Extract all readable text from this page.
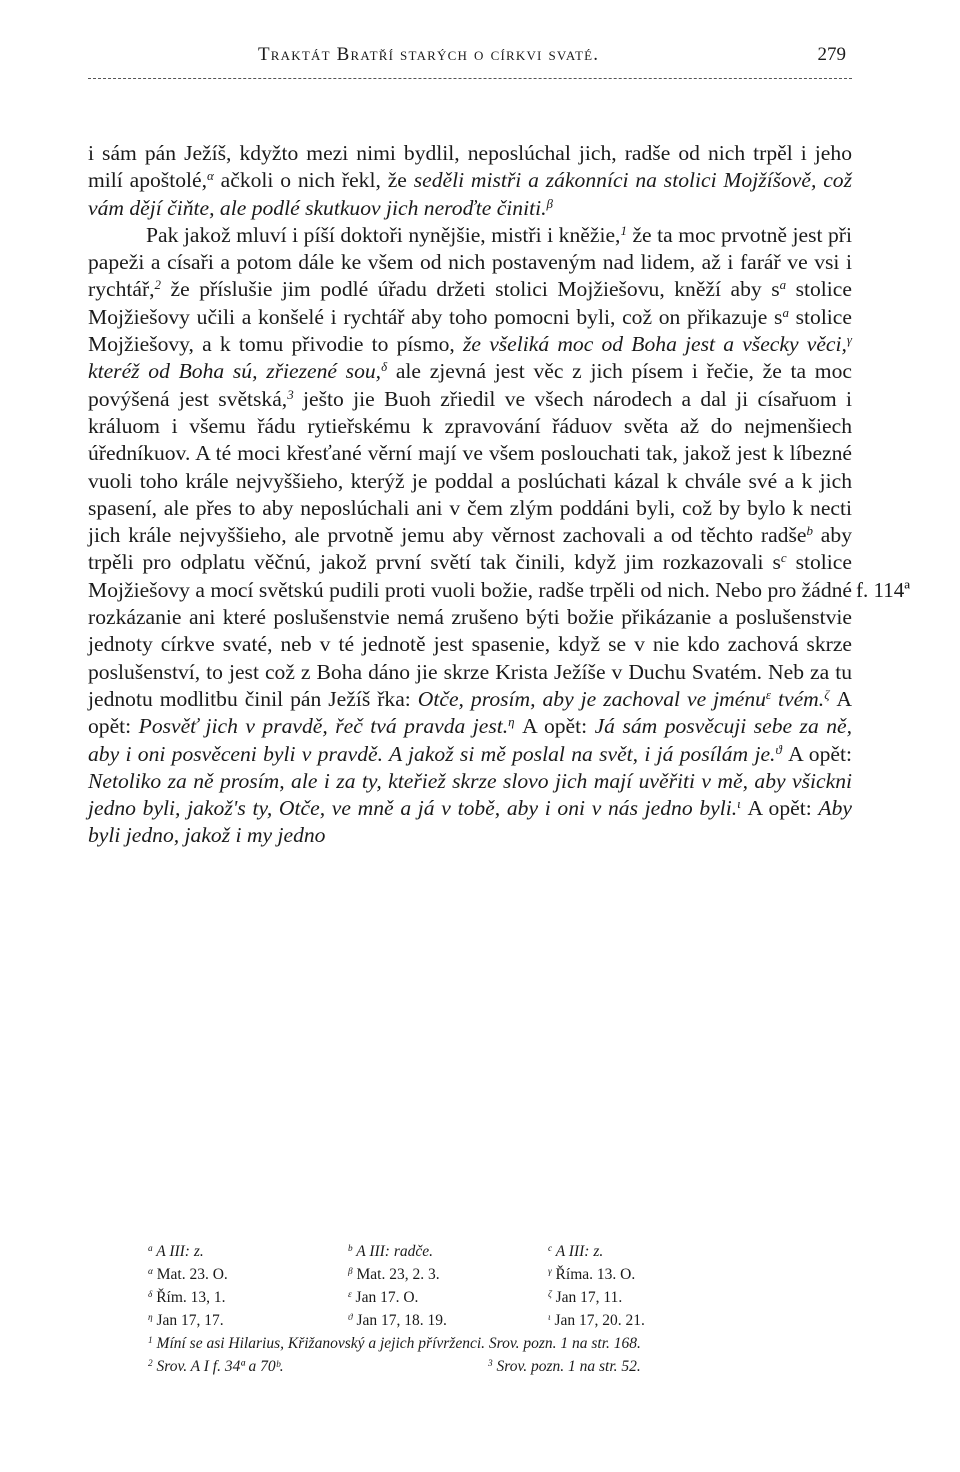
Traktát Bratří starých o církvi svaté.	279

i sám pán Ježíš, kdyžto mezi nimi bydlil, neposlúchal jich, radše od nich trpěl i jeho milí apoštolé,$^\alpha$ ačkoli o nich řekl, že seděli mistři a zákonníci na stolici Mojžíšově, což vám dějí čiňte, ale podlé skutkuov jich neroďte činiti.$^\beta$

Pak jakož mluví i píší doktoři nynějšie, mistři i kněžie,$^1$ že ta moc prvotně jest při papeži a císaři a potom dále ke všem od nich postaveným nad lidem, až i farář ve vsi i rychtář,$^2$ že příslušie jim podlé úřadu držeti stolici Mojžiešovu, kněží aby $s^a$ stolice Mojžiešovy učili a konšelé i rychtář aby toho pomocni byli, což on přikazuje $s^a$ stolice Mojžiešovy, a k tomu přivodie to písmo, že všeliká moc od Boha jest a všecky věci,$^\gamma$ kteréž od Boha sú, zřiezené sou,$^\delta$ ale zjevná jest věc z jich písem i řečie, že ta moc povýšená jest světská,$^3$ ješto jie Buoh zřiedil ve všech národech a dal ji císařuom i králuom i všemu řádu rytieřskému k zpravování řáduov světa až do nejmenšiech úředníkuov. A té moci křesťané věrní mají ve všem poslouchati tak, jakož jest k líbezné vuoli toho krále nejvyššieho, kterýž je poddal a poslúchati kázal k chvále své a k jich spasení, ale přes to aby neposlúchali ani v čem zlým poddáni byli, což by bylo k necti jich krále nejvyššieho, ale prvotně jemu aby věrnost zachovali a od těchto radše$^b$ aby trpěli pro odplatu věčnú, jakož první světí tak činili, když jim rozkazovali $s^c$ stolice Mojžiešovy a mocí světskú pudili proti vuoli božie, radše trpěli od nich. Nebo pro žádné rozkázanie ani které poslušenstvie nemá zrušeno býti božie přikázanie a poslušenstvie jednoty církve svaté, neb v té jednotě jest spasenie, když se v nie kdo zachová skrze poslušenství, to jest což z Boha dáno jie skrze Krista Ježíše v Duchu Svatém. Neb za tu jednotu modlitbu činil pán Ježíš řka: Otče, prosím, aby je zachoval ve jménu$^\varepsilon$ tvém.$^\zeta$ A opět: Posvěť jich v pravdě, řeč tvá pravda jest.$^\eta$ A opět: Já sám posvěcuji sebe za ně, aby i oni posvěceni byli v pravdě. A jakož si mě poslal na svět, i já posílám je.$^ϑ$ A opět: Netoliko za ně prosím, ale i za ty, kteřiež skrze slovo jich mají uvěřiti v mě, aby všickni jedno byli, jakož's ty, Otče, ve mně a já v tobě, aby i oni v nás jedno byli.$^\iota$ A opět: Aby byli jedno, jakož i my jedno

f. 114ª
$^a$ A III: z.	$^b$ A III: radče.	$^c$ A III: z.
$^\alpha$ Mat. 23. O.	$^\beta$ Mat. 23, 2. 3.	$^\gamma$ Říma. 13. O.
$^\delta$ Řím. 13, 1.	$^\varepsilon$ Jan 17. O.	$^\zeta$ Jan 17, 11.
$^\eta$ Jan 17, 17.	$^ϑ$ Jan 17, 18. 19.	$^\iota$ Jan 17, 20. 21.
$^1$ Míní se asi Hilarius, Křižanovský a jejich přívrženci. Srov. pozn. 1 na str. 168.
$^2$ Srov. A I f. 34ª a 70ᵇ.	$^3$ Srov. pozn. 1 na str. 52.
